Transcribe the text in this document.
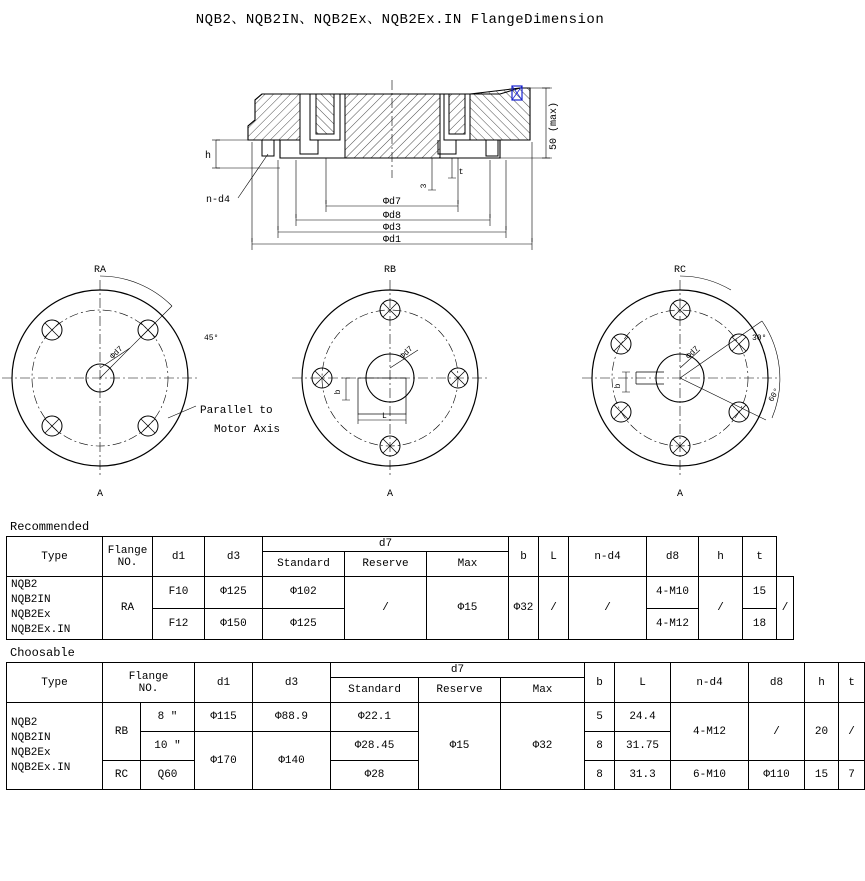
NQB2、NQB2IN、NQB2Ex、NQB2Ex.IN FlangeDimension
50 (max)
h
t
3
n-d4	Φd7
Φd8
Φd3
Φd1
RA
A
Φd7
45°
Parallel to
Motor Axis
RB
A
Φd7
b
L
RC
A
Φd7
b
30°
60°
Recommended
Type	Flange
NO.	d1	d3	d7			b	L	n-d4	d8	h	t	
				Standard	Reserve	Max							

NQB2
NQB2IN
NQB2Ex
NQB2Ex.IN	RA	F10	Φ125	Φ102	/	Φ15	Φ32	/	/	4-M10	/	15	/
		F12	Φ150	Φ125						4-M12		18	
Choosable
Type	Flange
NO.		d1	d3	d7			b	L	n-d4	d8	h	t
					Standard	Reserve	Max						

NQB2
NQB2IN
NQB2Ex
NQB2Ex.IN	RB	8 "	Φ115	Φ88.9	Φ22.1	Φ15	Φ32	5	24.4	4-M12	/	20	/
		10 "	Φ170	Φ140	Φ28.45			8	31.75				
	RC	Q60			Φ28			8	31.3	6-M10	Φ110	15	7
